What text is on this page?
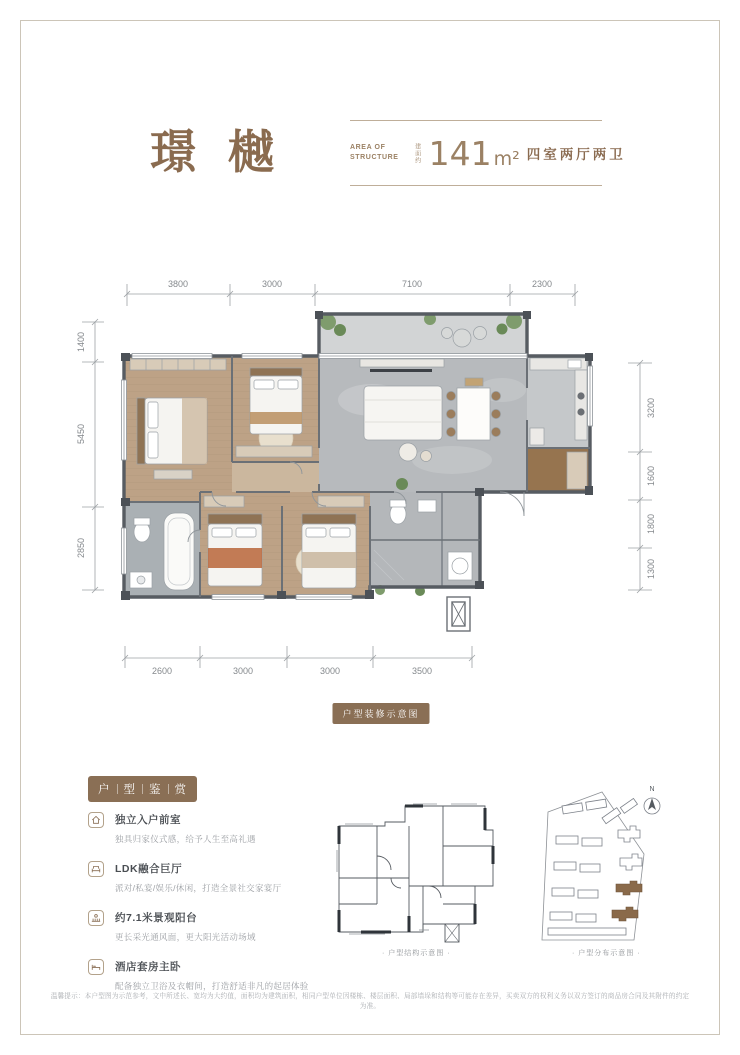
璟樾	AREA OF
STRUCTURE	建面约 141 m² 四室两厅两卫
3800	3000	7100	2300
1400
5450
2850
3200
1600
1800
1300
2600	3000	3000	3500
户型装修示意图
户 型 鉴 赏
独立入户前室
独具归家仪式感，给予人生至高礼遇
LDK融合巨厅
派对/私宴/娱乐/休闲，打造全景社交家宴厅
约7.1米景观阳台
更长采光通风面，更大阳光活动场域
酒店套房主卧
配备独立卫浴及衣帽间，打造舒适非凡的起居体验
· 户型结构示意图 ·
N
· 户型分布示意图 ·
温馨提示：本户型图为示范参考，文中所述长、宽均为大约值，面积均为建筑面积，相同户型单位因楼栋、楼层面积、局部墙垛和结构等可能存在差异，买卖双方的权利义务以双方签订的商品房合同及其附件的约定为准。
